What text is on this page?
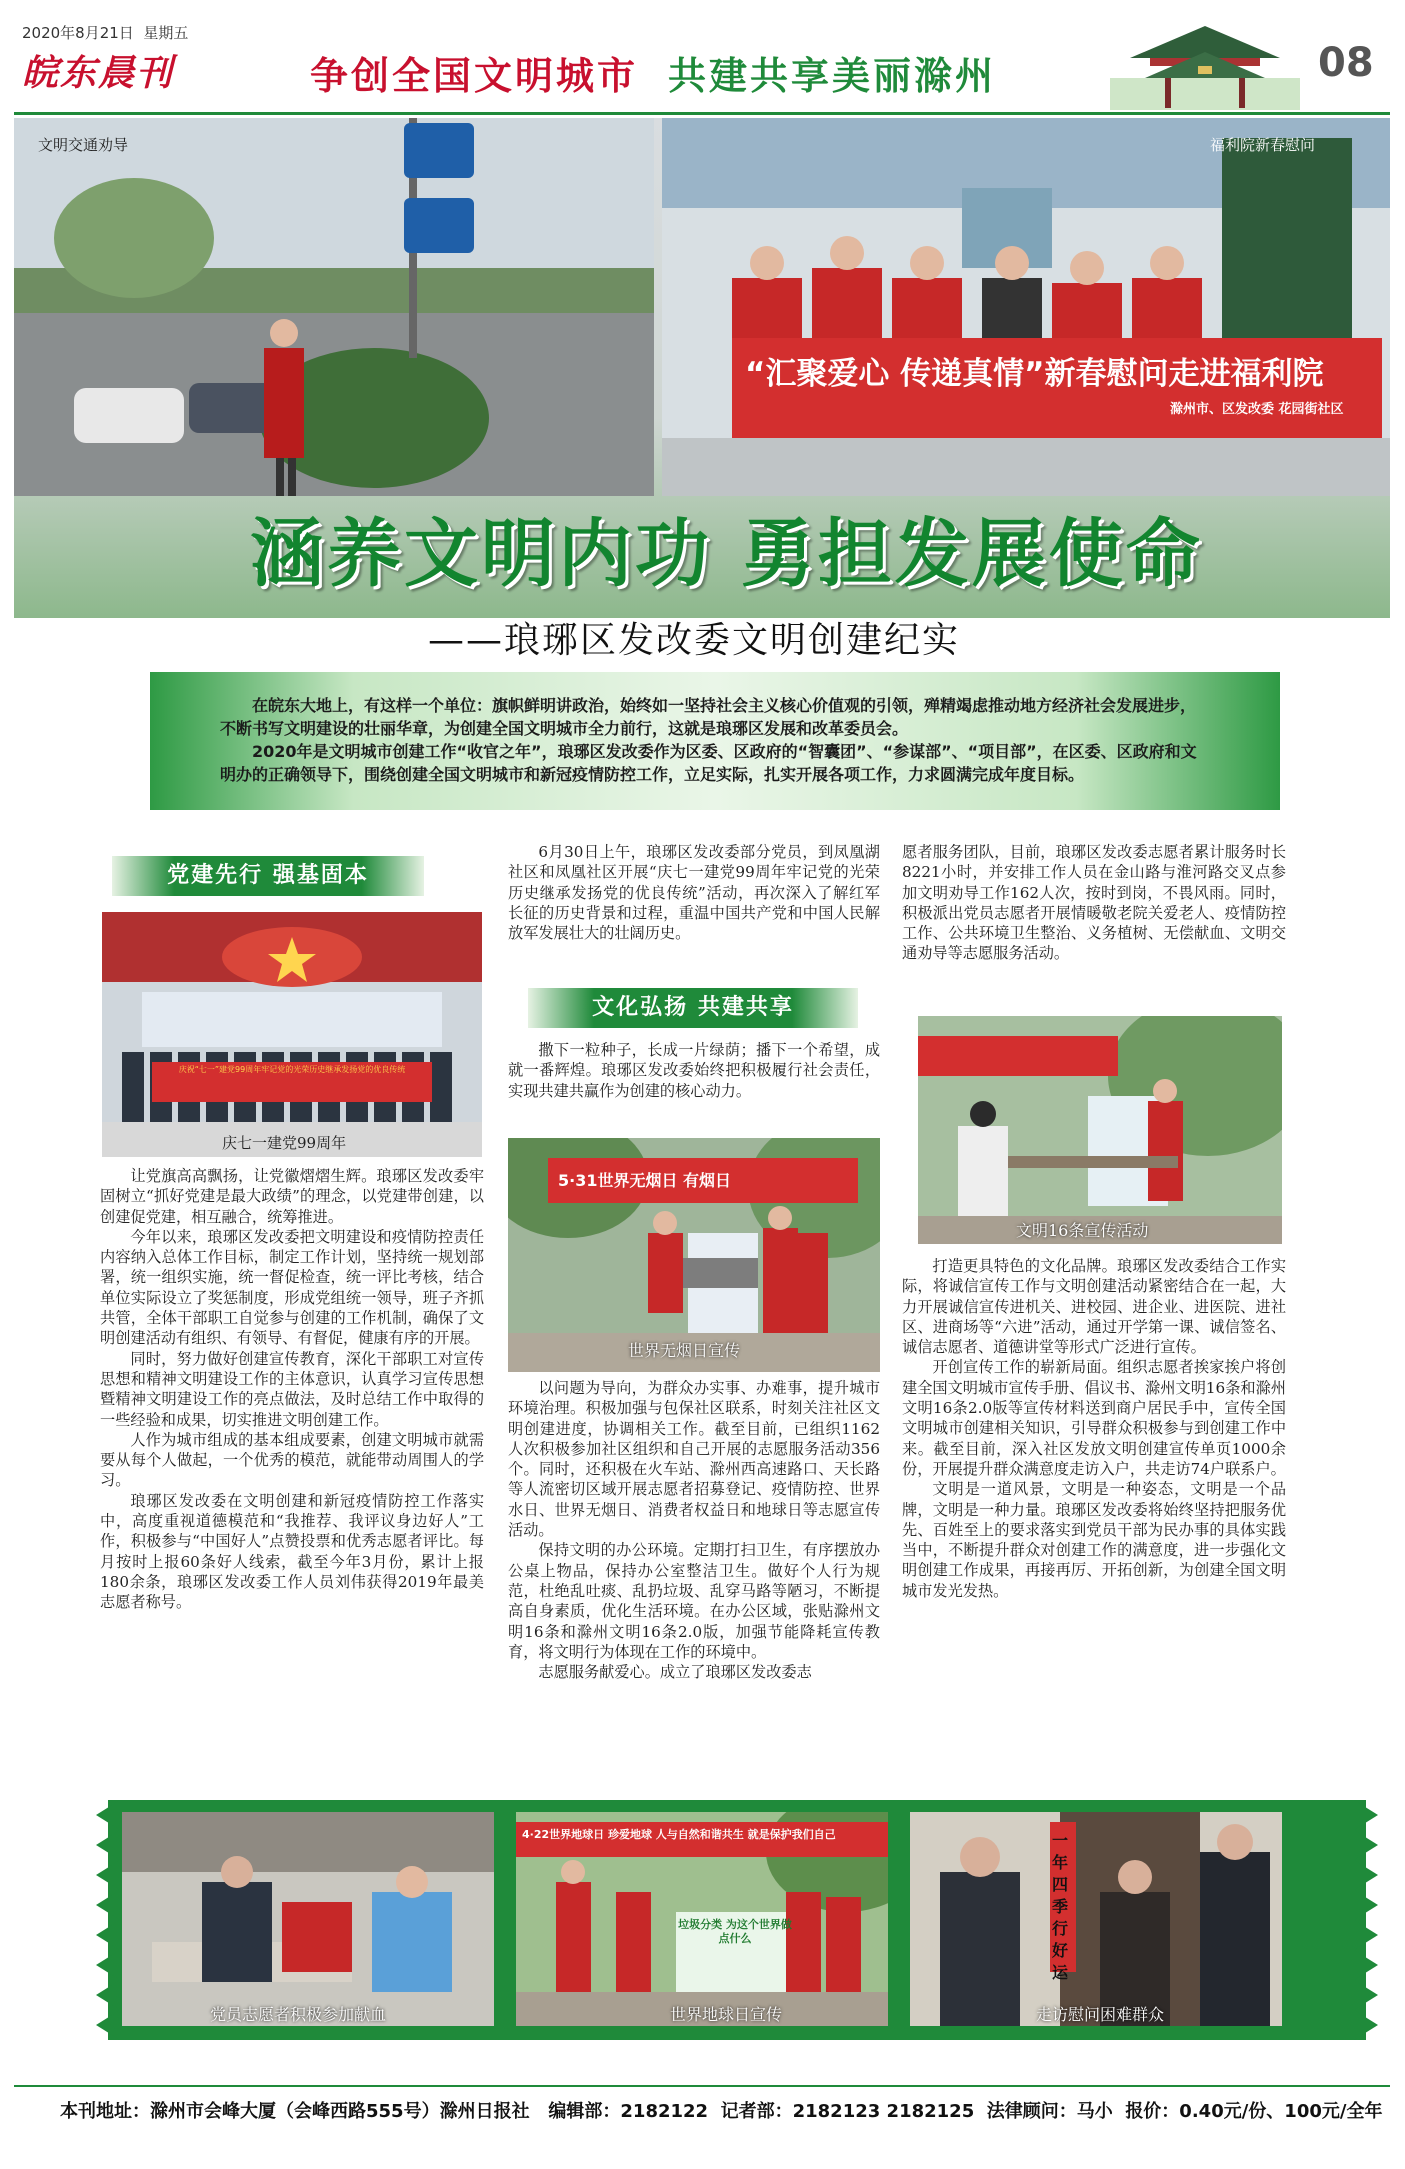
2020年8月21日 星期五
皖东晨刊	争创全国文明城市 共建共享美丽滁州	08
文明交通劝导
“汇聚爱心 传递真情”新春慰问走进福利院
滁州市、区发改委 花园街社区
福利院新春慰问
涵养文明内功 勇担发展使命
——琅琊区发改委文明创建纪实

在皖东大地上，有这样一个单位：旗帜鲜明讲政治，始终如一坚持社会主义核心价值观的引领，殚精竭虑推动地方经济社会发展进步，不断书写文明建设的壮丽华章，为创建全国文明城市全力前行，这就是琅琊区发展和改革委员会。

2020年是文明城市创建工作“收官之年”，琅琊区发改委作为区委、区政府的“智囊团”、“参谋部”、“项目部”，在区委、区政府和文明办的正确领导下，围绕创建全国文明城市和新冠疫情防控工作，立足实际，扎实开展各项工作，力求圆满完成年度目标。

党建先行 强基固本
庆祝“七一”建党99周年牢记党的光荣历史继承发扬党的优良传统
庆七一建党99周年

让党旗高高飘扬，让党徽熠熠生辉。琅琊区发改委牢固树立“抓好党建是最大政绩”的理念，以党建带创建，以创建促党建，相互融合，统筹推进。

今年以来，琅琊区发改委把文明建设和疫情防控责任内容纳入总体工作目标，制定工作计划，坚持统一规划部署，统一组织实施，统一督促检查，统一评比考核，结合单位实际设立了奖惩制度，形成党组统一领导，班子齐抓共管，全体干部职工自觉参与创建的工作机制，确保了文明创建活动有组织、有领导、有督促，健康有序的开展。

同时，努力做好创建宣传教育，深化干部职工对宣传思想和精神文明建设工作的主体意识，认真学习宣传思想暨精神文明建设工作的亮点做法，及时总结工作中取得的一些经验和成果，切实推进文明创建工作。

人作为城市组成的基本组成要素，创建文明城市就需要从每个人做起，一个优秀的模范，就能带动周围人的学习。

琅琊区发改委在文明创建和新冠疫情防控工作落实中，高度重视道德模范和“我推荐、我评议身边好人”工作，积极参与“中国好人”点赞投票和优秀志愿者评比。每月按时上报60条好人线索，截至今年3月份，累计上报180余条，琅琊区发改委工作人员刘伟获得2019年最美志愿者称号。

6月30日上午，琅琊区发改委部分党员，到凤凰湖社区和凤凰社区开展“庆七一建党99周年牢记党的光荣历史继承发扬党的优良传统”活动，再次深入了解红军长征的历史背景和过程，重温中国共产党和中国人民解放军发展壮大的壮阔历史。

文化弘扬 共建共享

撒下一粒种子，长成一片绿荫；播下一个希望，成就一番辉煌。琅琊区发改委始终把积极履行社会责任，实现共建共赢作为创建的核心动力。

5·31世界无烟日 有烟日
世界无烟日宣传

以问题为导向，为群众办实事、办难事，提升城市环境治理。积极加强与包保社区联系，时刻关注社区文明创建进度，协调相关工作。截至目前，已组织1162人次积极参加社区组织和自己开展的志愿服务活动356个。同时，还积极在火车站、滁州西高速路口、天长路等人流密切区域开展志愿者招募登记、疫情防控、世界水日、世界无烟日、消费者权益日和地球日等志愿宣传活动。

保持文明的办公环境。定期打扫卫生，有序摆放办公桌上物品，保持办公室整洁卫生。做好个人行为规范，杜绝乱吐痰、乱扔垃圾、乱穿马路等陋习，不断提高自身素质，优化生活环境。在办公区域，张贴滁州文明16条和滁州文明16条2.0版，加强节能降耗宣传教育，将文明行为体现在工作的环境中。

志愿服务献爱心。成立了琅琊区发改委志

愿者服务团队，目前，琅琊区发改委志愿者累计服务时长8221小时，并安排工作人员在金山路与淮河路交叉点参加文明劝导工作162人次，按时到岗，不畏风雨。同时，积极派出党员志愿者开展情暖敬老院关爱老人、疫情防控工作、公共环境卫生整治、义务植树、无偿献血、文明交通劝导等志愿服务活动。

文明16条宣传活动

打造更具特色的文化品牌。琅琊区发改委结合工作实际，将诚信宣传工作与文明创建活动紧密结合在一起，大力开展诚信宣传进机关、进校园、进企业、进医院、进社区、进商场等“六进”活动，通过开学第一课、诚信签名、诚信志愿者、道德讲堂等形式广泛进行宣传。

开创宣传工作的崭新局面。组织志愿者挨家挨户将创建全国文明城市宣传手册、倡议书、滁州文明16条和滁州文明16条2.0版等宣传材料送到商户居民手中，宣传全国文明城市创建相关知识，引导群众积极参与到创建工作中来。截至目前，深入社区发放文明创建宣传单页1000余份，开展提升群众满意度走访入户，共走访74户联系户。

文明是一道风景，文明是一种姿态，文明是一个品牌，文明是一种力量。琅琊区发改委将始终坚持把服务优先、百姓至上的要求落实到党员干部为民办事的具体实践当中，不断提升群众对创建工作的满意度，进一步强化文明创建工作成果，再接再厉、开拓创新，为创建全国文明城市发光发热。

党员志愿者积极参加献血
4·22世界地球日 珍爱地球 人与自然和谐共生 就是保护我们自己
垃圾分类 为这个世界做点什么
世界地球日宣传
一年四季行好运
走访慰问困难群众
本刊地址：滁州市会峰大厦（会峰西路555号）滁州日报社 编辑部：2182122 记者部：2182123 2182125 法律顾问：马小 报价：0.40元/份、100元/全年
